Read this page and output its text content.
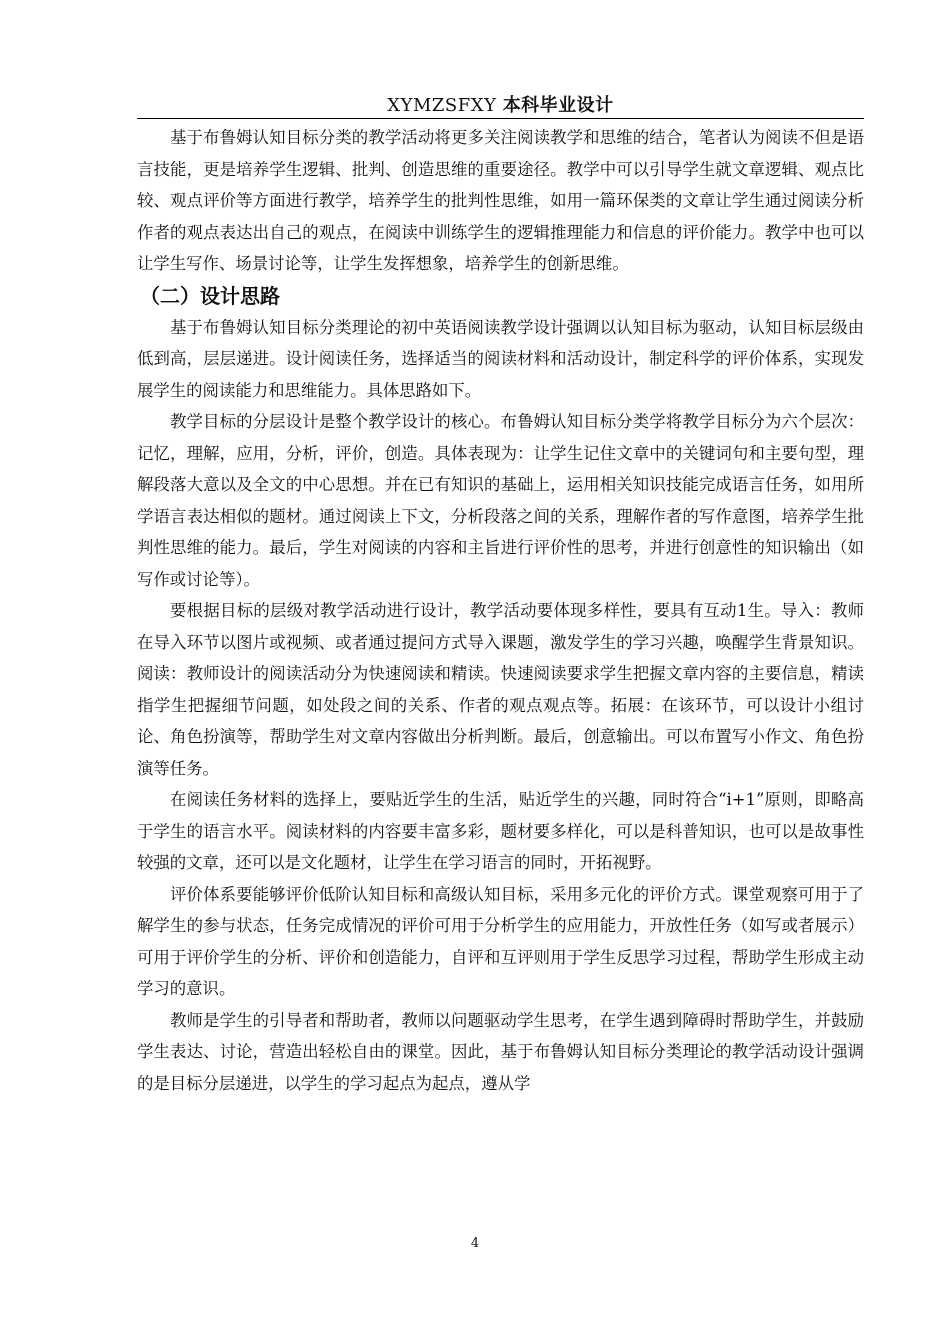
XYMZSFXY 本科毕业设计

基于布鲁姆认知目标分类的教学活动将更多关注阅读教学和思维的结合，笔者认为阅读不但是语言技能，更是培养学生逻辑、批判、创造思维的重要途径。教学中可以引导学生就文章逻辑、观点比较、观点评价等方面进行教学，培养学生的批判性思维，如用一篇环保类的文章让学生通过阅读分析作者的观点表达出自己的观点，在阅读中训练学生的逻辑推理能力和信息的评价能力。教学中也可以让学生写作、场景讨论等，让学生发挥想象，培养学生的创新思维。

（二）设计思路

基于布鲁姆认知目标分类理论的初中英语阅读教学设计强调以认知目标为驱动，认知目标层级由低到高，层层递进。设计阅读任务，选择适当的阅读材料和活动设计，制定科学的评价体系，实现发展学生的阅读能力和思维能力。具体思路如下。

教学目标的分层设计是整个教学设计的核心。布鲁姆认知目标分类学将教学目标分为六个层次：记忆，理解，应用，分析，评价，创造。具体表现为：让学生记住文章中的关键词句和主要句型，理解段落大意以及全文的中心思想。并在已有知识的基础上，运用相关知识技能完成语言任务，如用所学语言表达相似的题材。通过阅读上下文，分析段落之间的关系，理解作者的写作意图，培养学生批判性思维的能力。最后，学生对阅读的内容和主旨进行评价性的思考，并进行创意性的知识输出（如写作或讨论等）。

要根据目标的层级对教学活动进行设计，教学活动要体现多样性，要具有互动1生。导入：教师在导入环节以图片或视频、或者通过提问方式导入课题，激发学生的学习兴趣，唤醒学生背景知识。阅读：教师设计的阅读活动分为快速阅读和精读。快速阅读要求学生把握文章内容的主要信息，精读指学生把握细节问题，如处段之间的关系、作者的观点观点等。拓展：在该环节，可以设计小组讨论、角色扮演等，帮助学生对文章内容做出分析判断。最后，创意输出。可以布置写小作文、角色扮演等任务。

在阅读任务材料的选择上，要贴近学生的生活，贴近学生的兴趣，同时符合“i+1”原则，即略高于学生的语言水平。阅读材料的内容要丰富多彩，题材要多样化，可以是科普知识，也可以是故事性较强的文章，还可以是文化题材，让学生在学习语言的同时，开拓视野。

评价体系要能够评价低阶认知目标和高级认知目标，采用多元化的评价方式。课堂观察可用于了解学生的参与状态，任务完成情况的评价可用于分析学生的应用能力，开放性任务（如写或者展示）可用于评价学生的分析、评价和创造能力，自评和互评则用于学生反思学习过程，帮助学生形成主动学习的意识。

教师是学生的引导者和帮助者，教师以问题驱动学生思考，在学生遇到障碍时帮助学生，并鼓励学生表达、讨论，营造出轻松自由的课堂。因此，基于布鲁姆认知目标分类理论的教学活动设计强调的是目标分层递进，以学生的学习起点为起点，遵从学

4
